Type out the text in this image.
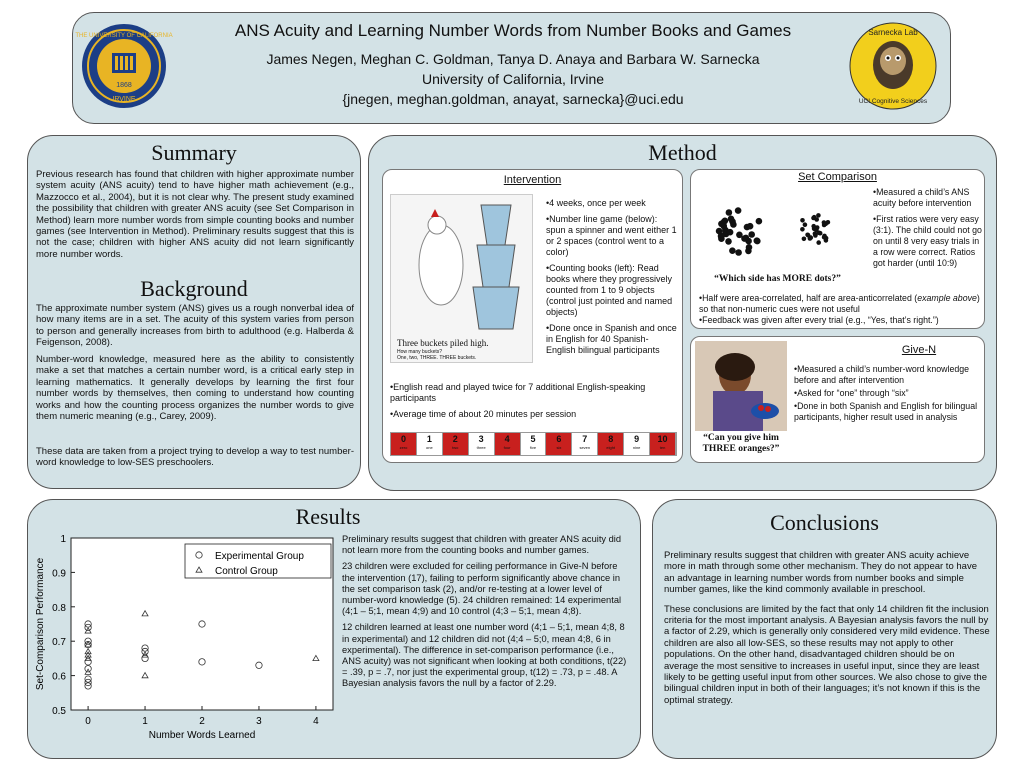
THE UNIVERSITY OF CALIFORNIA
1868
IRVINE
ANS Acuity and Learning Number Words from Number Books and Games
James Negen, Meghan C. Goldman, Tanya D. Anaya and Barbara W. Sarnecka
University of California, Irvine
{jnegen, meghan.goldman, anayat, sarnecka}@uci.edu
Sarnecka Lab
UCI Cognitive Sciences
Summary

Previous research has found that children with higher approximate number system acuity (ANS acuity) tend to have higher math achievement (e.g., Mazzocco et al., 2004), but it is not clear why. The present study examined the possibility that children with greater ANS acuity (see Set Comparison in Method) learn more number words from simple counting books and number games (see Intervention in Method). Preliminary results suggest that this is not the case; children with higher ANS acuity did not learn significantly more number words.

Background

The approximate number system (ANS) gives us a rough nonverbal idea of how many items are in a set. The acuity of this system varies from person to person and generally increases from birth to adulthood (e.g. Halberda & Feigenson, 2008).

Number-word knowledge, measured here as the ability to consistently make a set that matches a certain number word, is a critical early step in learning mathematics. It generally develops by learning the first four number words by themselves, then coming to understand how counting works and how the counting process organizes the number words to give them numeric meaning (e.g., Carey, 2009).

These data are taken from a project trying to develop a way to test number-word knowledge to low-SES preschoolers.

Method
Intervention
Three buckets piled high.
How many buckets?
One, two, THREE. THREE buckets.

•4 weeks, once per week

•Number line game (below): spun a spinner and went either 1 or 2 spaces (control went to a color)

•Counting books (left): Read books where they progressively counted from 1 to 9 objects (control just pointed and named objects)

•Done once in Spanish and once in English for 40 Spanish-English bilingual participants

•English read and played twice for 7 additional English-speaking participants

•Average time of about 20 minutes per session

0
zero
1
one
2
two
3
three
4
four
5
five
6
six
7
seven
8
eight
9
nine
10
ten
Set Comparison
“Which side has MORE dots?”

•Measured a child’s ANS acuity before intervention

•First ratios were very easy (3:1). The child could not go on until 8 very easy trials in a row were correct. Ratios got harder (until 10:9)

•Half were area-correlated, half are area-anticorrelated (example above) so that non-numeric cues were not useful

•Feedback was given after every trial (e.g., “Yes, that’s right.”)

Give-N
“Can you give him THREE oranges?”

•Measured a child’s number-word knowledge before and after intervention

•Asked for “one” through “six”

•Done in both Spanish and English for bilingual participants, higher result used in analysis

Results
0	1	2	3	4
0.5
0.6
0.7
0.8
0.9
1
Number Words Learned
Set-Comparison Performance
Experimental Group
Control Group

Preliminary results suggest that children with greater ANS acuity did not learn more from the counting books and number games.

23 children were excluded for ceiling performance in Give-N before the intervention (17), failing to perform significantly above chance in the set comparison task (2), and/or re-testing at a lower level of number-word knowledge (5). 24 children remained: 14 experimental (4;1 – 5;1, mean 4;9) and 10 control (4;3 – 5;1, mean 4;8).

12 children learned at least one number word (4;1 – 5;1, mean 4;8, 8 in experimental) and 12 children did not (4;4 – 5;0, mean 4;8, 6 in experimental). The difference in set-comparison performance (i.e., ANS acuity) was not significant when looking at both conditions, t(22) = .39, p = .7, nor just the experimental group, t(12) = .73, p = .48. A Bayesian analysis favors the null by a factor of 2.29.

Conclusions

Preliminary results suggest that children with greater ANS acuity achieve more in math through some other mechanism. They do not appear to have an advantage in learning number words from number books and simple number games, like the kind commonly available in preschool.

These conclusions are limited by the fact that only 14 children fit the inclusion criteria for the most important analysis. A Bayesian analysis favors the null by a factor of 2.29, which is generally only considered very mild evidence. These children are also all low-SES, so these results may not apply to other populations. On the other hand, disadvantaged children should be on average the most sensitive to increases in useful input, since they are least likely to be getting useful input from other sources. We also chose to give the bilingual children input in both of their languages; it’s not known if this is the optimal strategy.
